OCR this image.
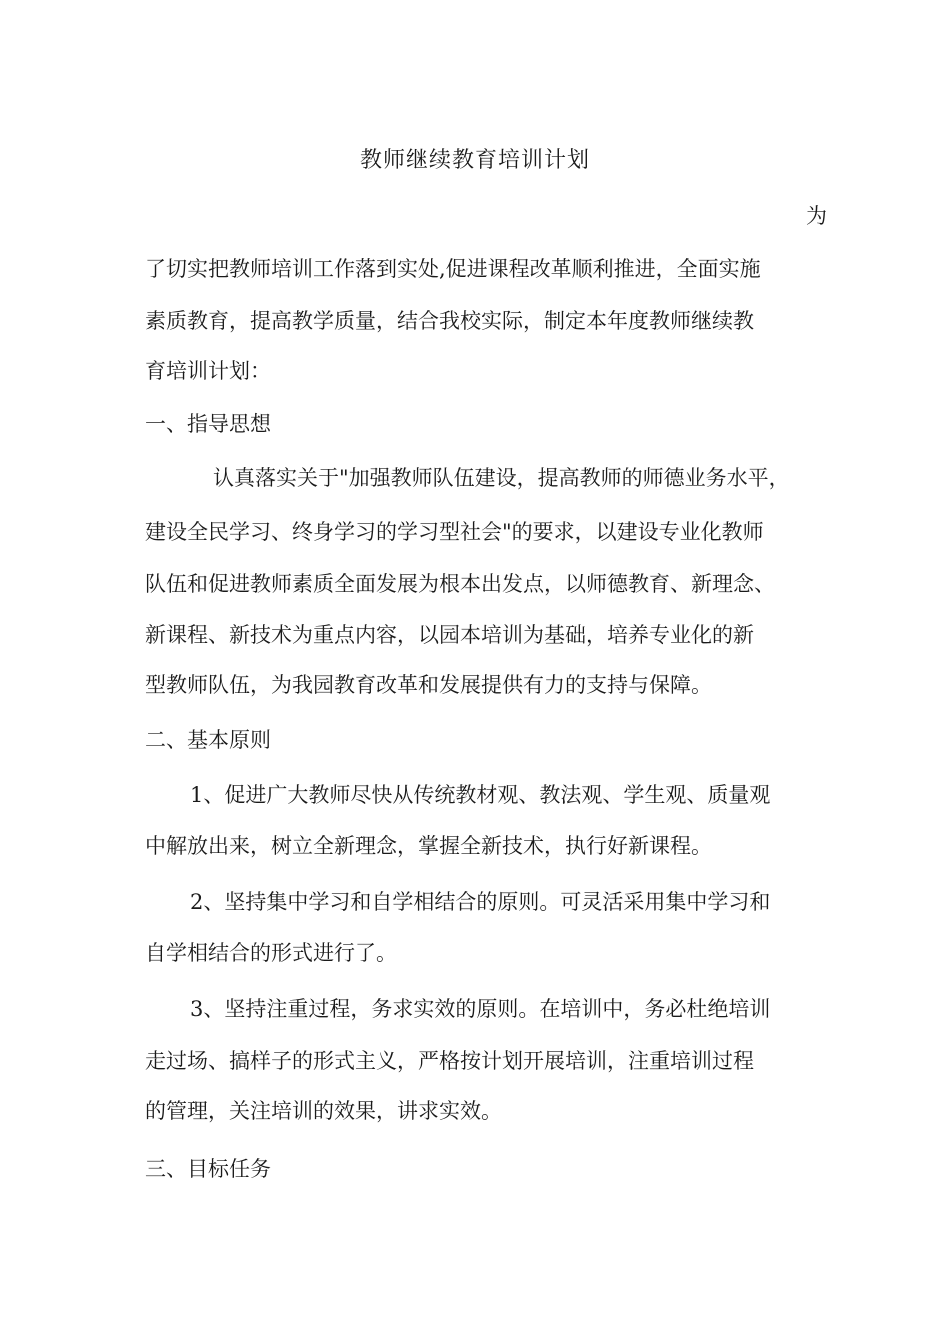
教师继续教育培训计划
为
了切实把教师培训工作落到实处,促进课程改革顺利推进，全面实施
素质教育，提高教学质量，结合我校实际，制定本年度教师继续教
育培训计划：
一、指导思想
认真落实关于"加强教师队伍建设，提高教师的师德业务水平，
建设全民学习、终身学习的学习型社会"的要求，以建设专业化教师
队伍和促进教师素质全面发展为根本出发点，以师德教育、新理念、
新课程、新技术为重点内容，以园本培训为基础，培养专业化的新
型教师队伍，为我园教育改革和发展提供有力的支持与保障。
二、基本原则
1、促进广大教师尽快从传统教材观、教法观、学生观、质量观
中解放出来，树立全新理念，掌握全新技术，执行好新课程。
2、坚持集中学习和自学相结合的原则。可灵活采用集中学习和
自学相结合的形式进行了。
3、坚持注重过程，务求实效的原则。在培训中，务必杜绝培训
走过场、搞样子的形式主义，严格按计划开展培训，注重培训过程
的管理，关注培训的效果，讲求实效。
三、目标任务
